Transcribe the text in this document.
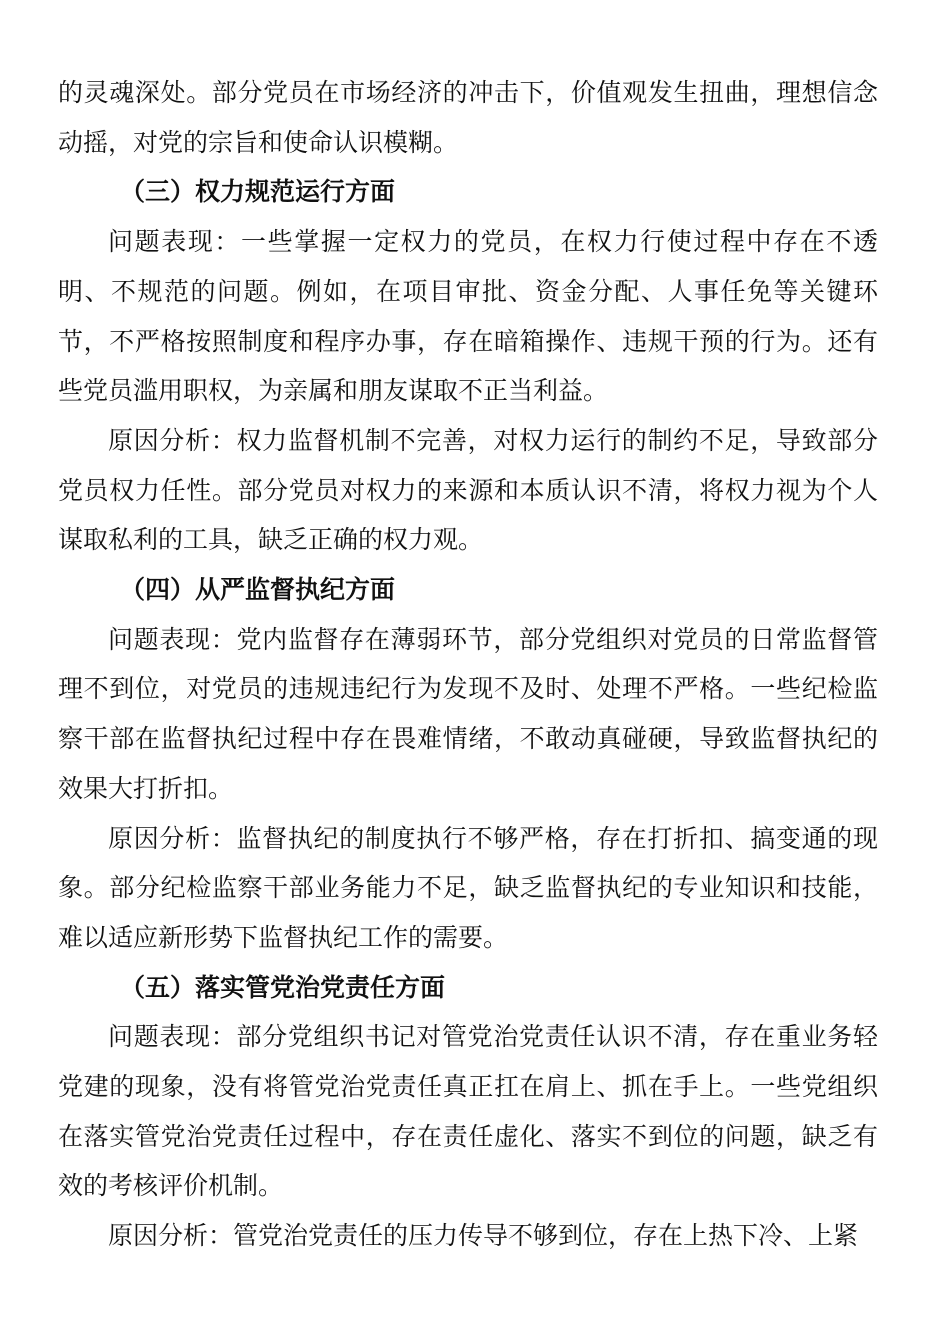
的灵魂深处。部分党员在市场经济的冲击下，价值观发生扭曲，理想信念动摇，对党的宗旨和使命认识模糊。

（三）权力规范运行方面

问题表现：一些掌握一定权力的党员，在权力行使过程中存在不透明、不规范的问题。例如，在项目审批、资金分配、人事任免等关键环节，不严格按照制度和程序办事，存在暗箱操作、违规干预的行为。还有些党员滥用职权，为亲属和朋友谋取不正当利益。

原因分析：权力监督机制不完善，对权力运行的制约不足，导致部分党员权力任性。部分党员对权力的来源和本质认识不清，将权力视为个人谋取私利的工具，缺乏正确的权力观。

（四）从严监督执纪方面

问题表现：党内监督存在薄弱环节，部分党组织对党员的日常监督管理不到位，对党员的违规违纪行为发现不及时、处理不严格。一些纪检监察干部在监督执纪过程中存在畏难情绪，不敢动真碰硬，导致监督执纪的效果大打折扣。

原因分析：监督执纪的制度执行不够严格，存在打折扣、搞变通的现象。部分纪检监察干部业务能力不足，缺乏监督执纪的专业知识和技能，难以适应新形势下监督执纪工作的需要。

（五）落实管党治党责任方面

问题表现：部分党组织书记对管党治党责任认识不清，存在重业务轻党建的现象，没有将管党治党责任真正扛在肩上、抓在手上。一些党组织在落实管党治党责任过程中，存在责任虚化、落实不到位的问题，缺乏有效的考核评价机制。

原因分析：管党治党责任的压力传导不够到位，存在上热下冷、上紧
